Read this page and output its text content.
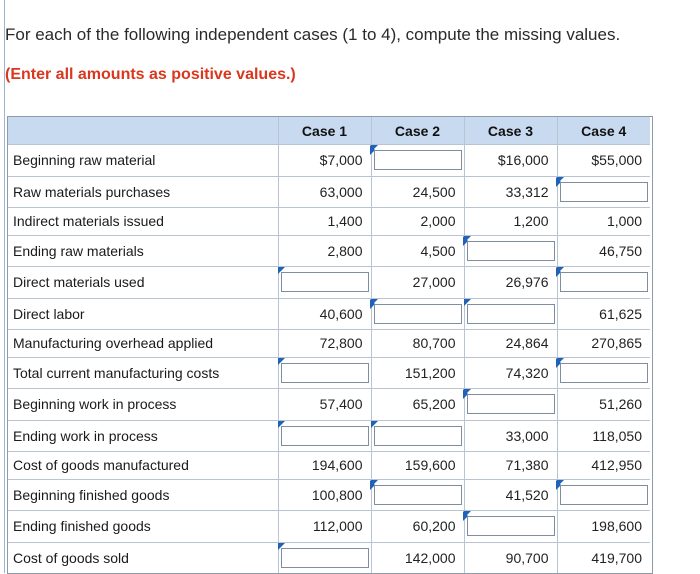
For each of the following independent cases (1 to 4), compute the missing values.
(Enter all amounts as positive values.)
	Case 1	Case 2	Case 3	Case 4
Beginning raw material	$7,000		$16,000	$55,000
Raw materials purchases	63,000	24,500	33,312

Indirect materials issued	1,400	2,000	1,200	1,000
Ending raw materials	2,800	4,500		46,750
Direct materials used		27,000	26,976

Direct labor	40,600			61,625
Manufacturing overhead applied	72,800	80,700	24,864	270,865
Total current manufacturing costs		151,200	74,320

Beginning work in process	57,400	65,200		51,260
Ending work in process			33,000	118,050
Cost of goods manufactured	194,600	159,600	71,380	412,950
Beginning finished goods	100,800		41,520

Ending finished goods	112,000	60,200		198,600
Cost of goods sold		142,000	90,700	419,700
